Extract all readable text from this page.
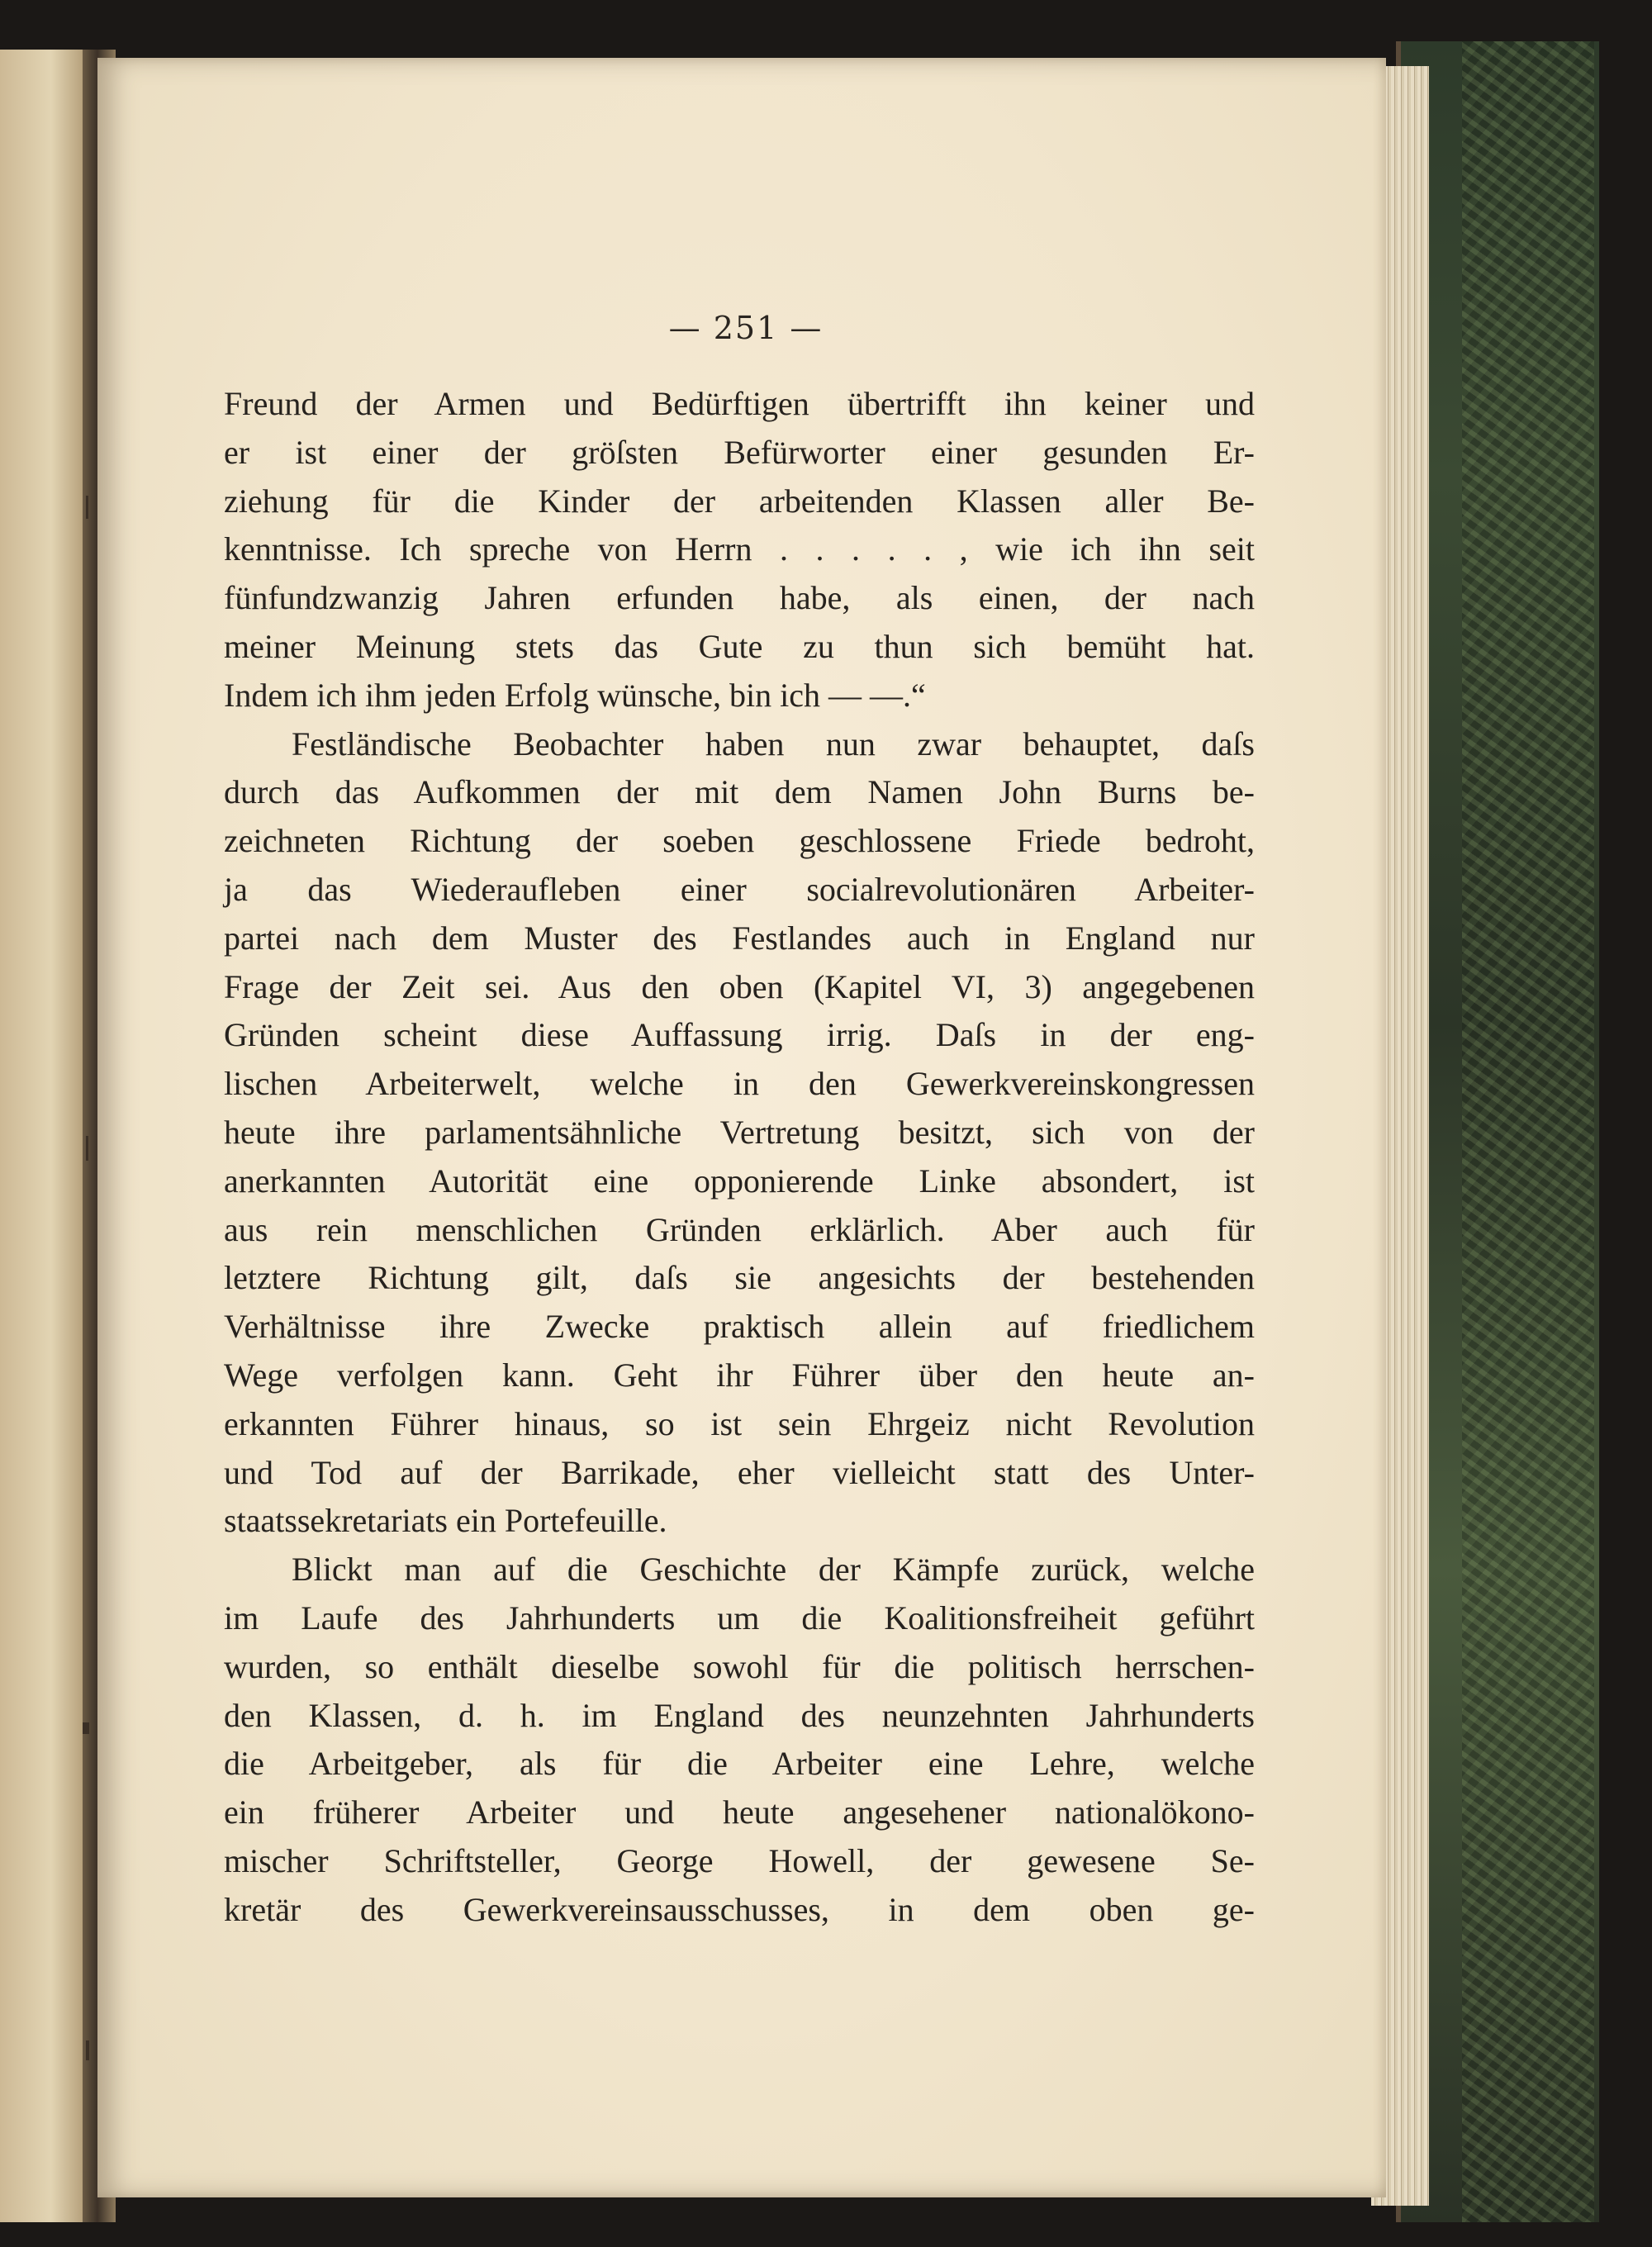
— 251 —
Freund der Armen und Bedürftigen übertrifft ihn keiner und
er ist einer der gröſsten Befürworter einer gesunden Er-
ziehung für die Kinder der arbeitenden Klassen aller Be-
kenntnisse. Ich spreche von Herrn . . . . . , wie ich ihn seit
fünfundzwanzig Jahren erfunden habe, als einen, der nach
meiner Meinung stets das Gute zu thun sich bemüht hat.
Indem ich ihm jeden Erfolg wünsche, bin ich — —.“
Festländische Beobachter haben nun zwar behauptet, daſs
durch das Aufkommen der mit dem Namen John Burns be-
zeichneten Richtung der soeben geschlossene Friede bedroht,
ja das Wiederaufleben einer socialrevolutionären Arbeiter-
partei nach dem Muster des Festlandes auch in England nur
Frage der Zeit sei. Aus den oben (Kapitel VI, 3) angegebenen
Gründen scheint diese Auffassung irrig. Daſs in der eng-
lischen Arbeiterwelt, welche in den Gewerkvereinskongressen
heute ihre parlamentsähnliche Vertretung besitzt, sich von der
anerkannten Autorität eine opponierende Linke absondert, ist
aus rein menschlichen Gründen erklärlich. Aber auch für
letztere Richtung gilt, daſs sie angesichts der bestehenden
Verhältnisse ihre Zwecke praktisch allein auf friedlichem
Wege verfolgen kann. Geht ihr Führer über den heute an-
erkannten Führer hinaus, so ist sein Ehrgeiz nicht Revolution
und Tod auf der Barrikade, eher vielleicht statt des Unter-
staatssekretariats ein Portefeuille.
Blickt man auf die Geschichte der Kämpfe zurück, welche
im Laufe des Jahrhunderts um die Koalitionsfreiheit geführt
wurden, so enthält dieselbe sowohl für die politisch herrschen-
den Klassen, d. h. im England des neunzehnten Jahrhunderts
die Arbeitgeber, als für die Arbeiter eine Lehre, welche
ein früherer Arbeiter und heute angesehener nationalökono-
mischer Schriftsteller, George Howell, der gewesene Se-
kretär des Gewerkvereinsausschusses, in dem oben ge-
